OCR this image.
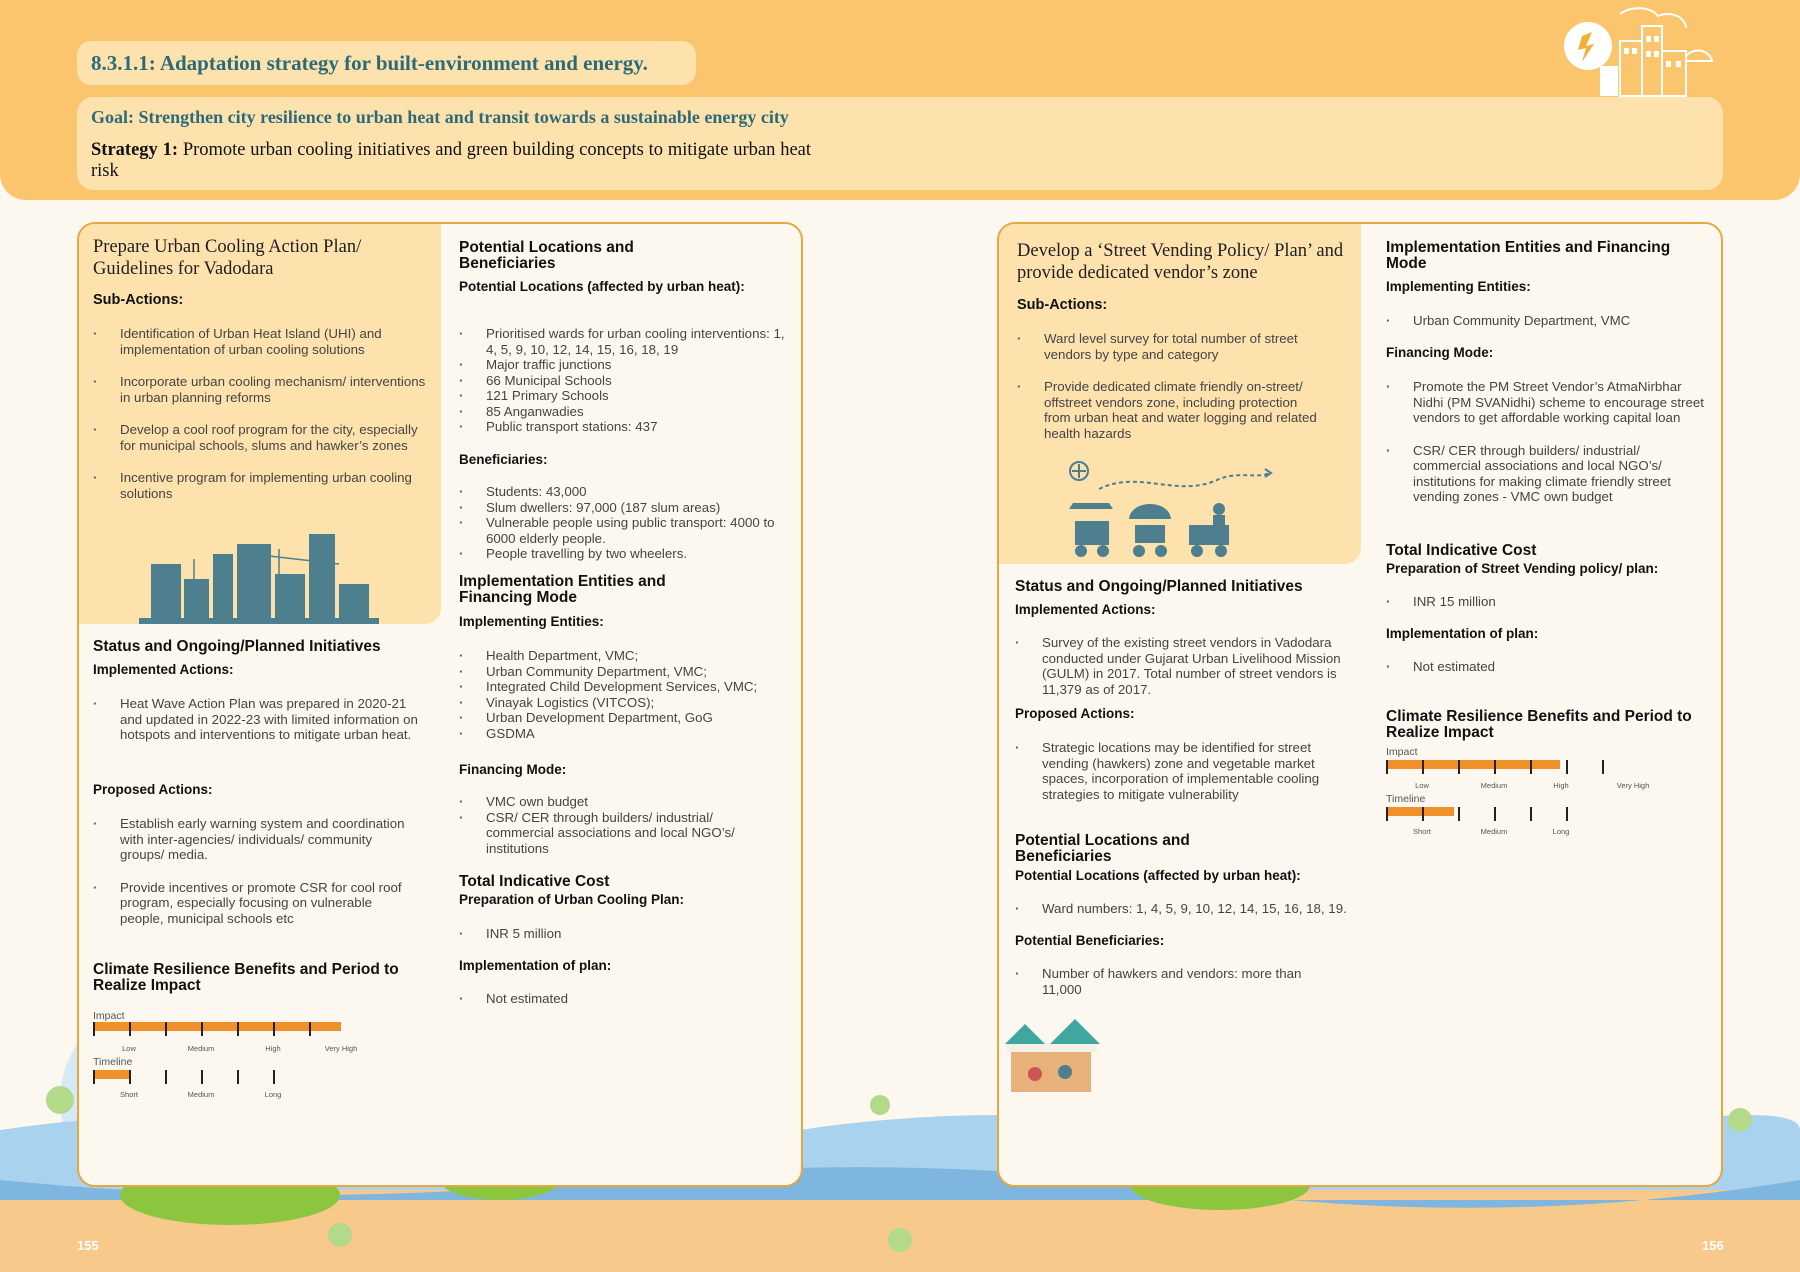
8.3.1.1: Adaptation strategy for built-environment and energy.
Goal: Strengthen city resilience to urban heat and transit towards a sustainable energy city
Strategy 1: Promote urban cooling initiatives and green building concepts to mitigate urban heat risk
155	156
Prepare Urban Cooling Action Plan/ Guidelines for Vadodara
Sub-Actions:
· Identification of Urban Heat Island (UHI) and implementation of urban cooling solutions
· Incorporate urban cooling mechanism/ interventions in urban planning reforms
· Develop a cool roof program for the city, especially for municipal schools, slums and hawker’s zones
· Incentive program for implementing urban cooling solutions
Status and Ongoing/Planned Initiatives
Implemented Actions:
· Heat Wave Action Plan was prepared in 2020-21 and updated in 2022-23 with limited information on hotspots and interventions to mitigate urban heat.
Proposed Actions:
· Establish early warning system and coordination with inter-agencies/ individuals/ community groups/ media.
· Provide incentives or promote CSR for cool roof program, especially focusing on vulnerable people, municipal schools etc
Climate Resilience Benefits and Period to Realize Impact
Impact
Low	Medium	High	Very High
Timeline
Short	Medium	Long
Potential Locations and Beneficiaries
Potential Locations (affected by urban heat):
· Prioritised wards for urban cooling interventions: 1, 4, 5, 9, 10, 12, 14, 15, 16, 18, 19
· Major traffic junctions
· 66 Municipal Schools
· 121 Primary Schools
· 85 Anganwadies
· Public transport stations: 437
Beneficiaries:
· Students: 43,000
· Slum dwellers: 97,000 (187 slum areas)
· Vulnerable people using public transport: 4000 to 6000 elderly people.
· People travelling by two wheelers.
Implementation Entities and Financing Mode
Implementing Entities:
· Health Department, VMC;
· Urban Community Department, VMC;
· Integrated Child Development Services, VMC;
· Vinayak Logistics (VITCOS);
· Urban Development Department, GoG
· GSDMA
Financing Mode:
· VMC own budget
· CSR/ CER through builders/ industrial/ commercial associations and local NGO’s/ institutions
Total Indicative Cost
Preparation of Urban Cooling Plan:
· INR 5 million
Implementation of plan:
· Not estimated
Develop a ‘Street Vending Policy/ Plan’ and provide dedicated vendor’s zone
Sub-Actions:
· Ward level survey for total number of street vendors by type and category
· Provide dedicated climate friendly on-street/ offstreet vendors zone, including protection from urban heat and water logging and related health hazards
Status and Ongoing/Planned Initiatives
Implemented Actions:
· Survey of the existing street vendors in Vadodara conducted under Gujarat Urban Livelihood Mission (GULM) in 2017. Total number of street vendors is 11,379 as of 2017.
Proposed Actions:
· Strategic locations may be identified for street vending (hawkers) zone and vegetable market spaces, incorporation of implementable cooling strategies to mitigate vulnerability
Potential Locations and Beneficiaries
Potential Locations (affected by urban heat):
· Ward numbers: 1, 4, 5, 9, 10, 12, 14, 15, 16, 18, 19.
Potential Beneficiaries:
· Number of hawkers and vendors: more than 11,000
Implementation Entities and Financing Mode
Implementing Entities:
· Urban Community Department, VMC
Financing Mode:
· Promote the PM Street Vendor’s AtmaNirbhar Nidhi (PM SVANidhi) scheme to encourage street vendors to get affordable working capital loan
· CSR/ CER through builders/ industrial/ commercial associations and local NGO’s/ institutions for making climate friendly street vending zones - VMC own budget
Total Indicative Cost
Preparation of Street Vending policy/ plan:
· INR 15 million
Implementation of plan:
· Not estimated
Climate Resilience Benefits and Period to Realize Impact
Impact
Low	Medium	High	Very High
Timeline
Short	Medium	Long
